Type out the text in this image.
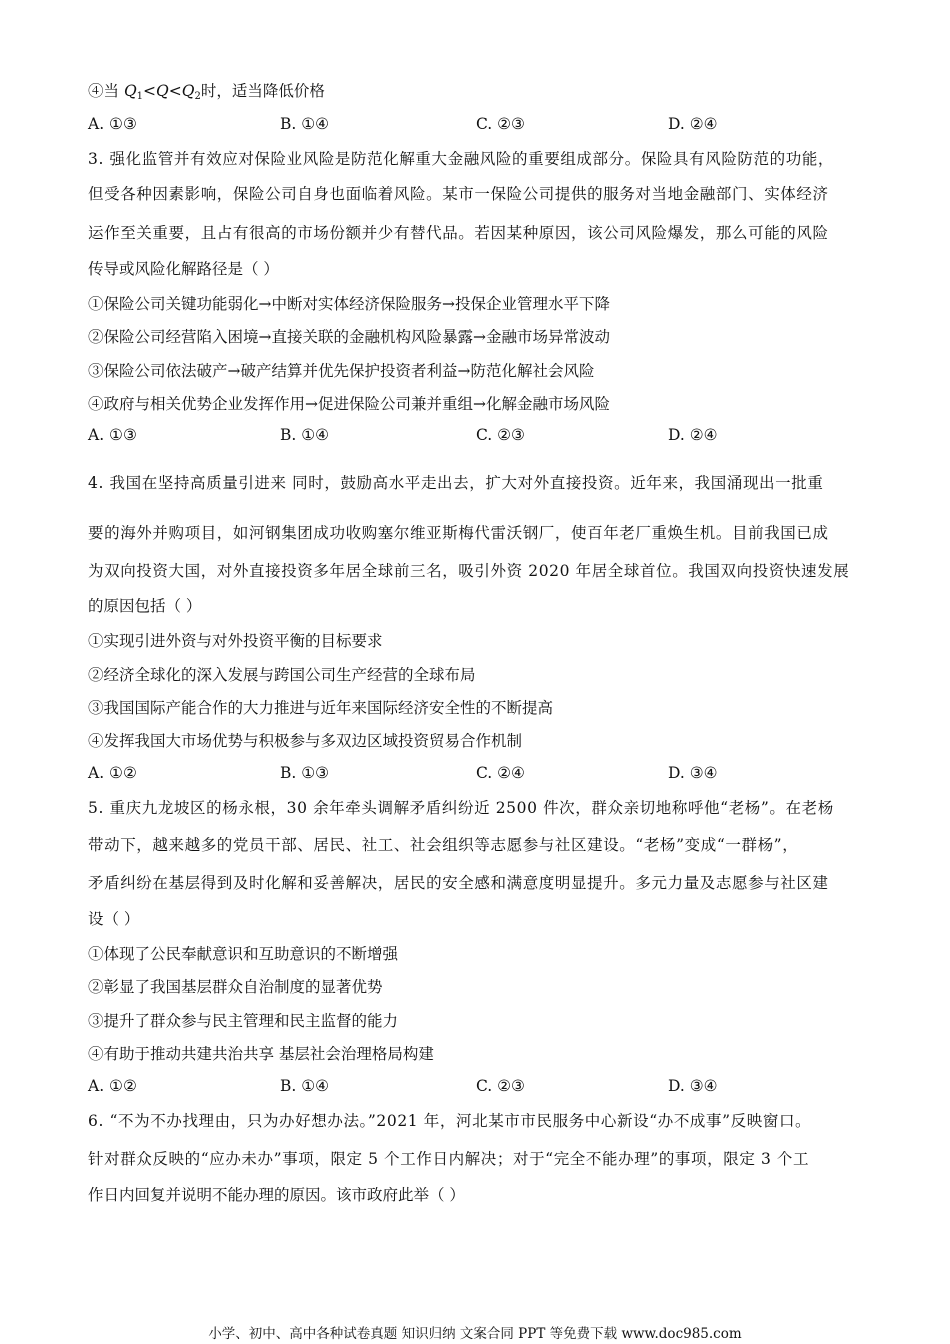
④当 $Q_1<Q<Q_2$时，适当降低价格
A. ①③	B. ①④	C. ②③	D. ②④
3. 强化监管并有效应对保险业风险是防范化解重大金融风险的重要组成部分。保险具有风险防范的功能，
但受各种因素影响，保险公司自身也面临着风险。某市一保险公司提供的服务对当地金融部门、实体经济
运作至关重要，且占有很高的市场份额并少有替代品。若因某种原因，该公司风险爆发，那么可能的风险
传导或风险化解路径是（ ）
①保险公司关键功能弱化→中断对实体经济保险服务→投保企业管理水平下降
②保险公司经营陷入困境→直接关联的金融机构风险暴露→金融市场异常波动
③保险公司依法破产→破产结算并优先保护投资者利益→防范化解社会风险
④政府与相关优势企业发挥作用→促进保险公司兼并重组→化解金融市场风险
A. ①③	B. ①④	C. ②③	D. ②④
4. 我国在坚持高质量引进来 同时，鼓励高水平走出去，扩大对外直接投资。近年来，我国涌现出一批重
要的海外并购项目，如河钢集团成功收购塞尔维亚斯梅代雷沃钢厂，使百年老厂重焕生机。目前我国已成
为双向投资大国，对外直接投资多年居全球前三名，吸引外资 2020 年居全球首位。我国双向投资快速发展
的原因包括（ ）
①实现引进外资与对外投资平衡的目标要求
②经济全球化的深入发展与跨国公司生产经营的全球布局
③我国国际产能合作的大力推进与近年来国际经济安全性的不断提高
④发挥我国大市场优势与积极参与多双边区域投资贸易合作机制
A. ①②	B. ①③	C. ②④	D. ③④
5. 重庆九龙坡区的杨永根，30 余年牵头调解矛盾纠纷近 2500 件次，群众亲切地称呼他“老杨”。在老杨
带动下，越来越多的党员干部、居民、社工、社会组织等志愿参与社区建设。“老杨”变成“一群杨”，
矛盾纠纷在基层得到及时化解和妥善解决，居民的安全感和满意度明显提升。多元力量及志愿参与社区建
设（ ）
①体现了公民奉献意识和互助意识的不断增强
②彰显了我国基层群众自治制度的显著优势
③提升了群众参与民主管理和民主监督的能力
④有助于推动共建共治共享 基层社会治理格局构建
A. ①②	B. ①④	C. ②③	D. ③④
6. “不为不办找理由，只为办好想办法。”2021 年，河北某市市民服务中心新设“办不成事”反映窗口。
针对群众反映的“应办未办”事项，限定 5 个工作日内解决；对于“完全不能办理”的事项，限定 3 个工
作日内回复并说明不能办理的原因。该市政府此举（ ）
小学、初中、高中各种试卷真题 知识归纳 文案合同 PPT 等免费下载 www.doc985.com
